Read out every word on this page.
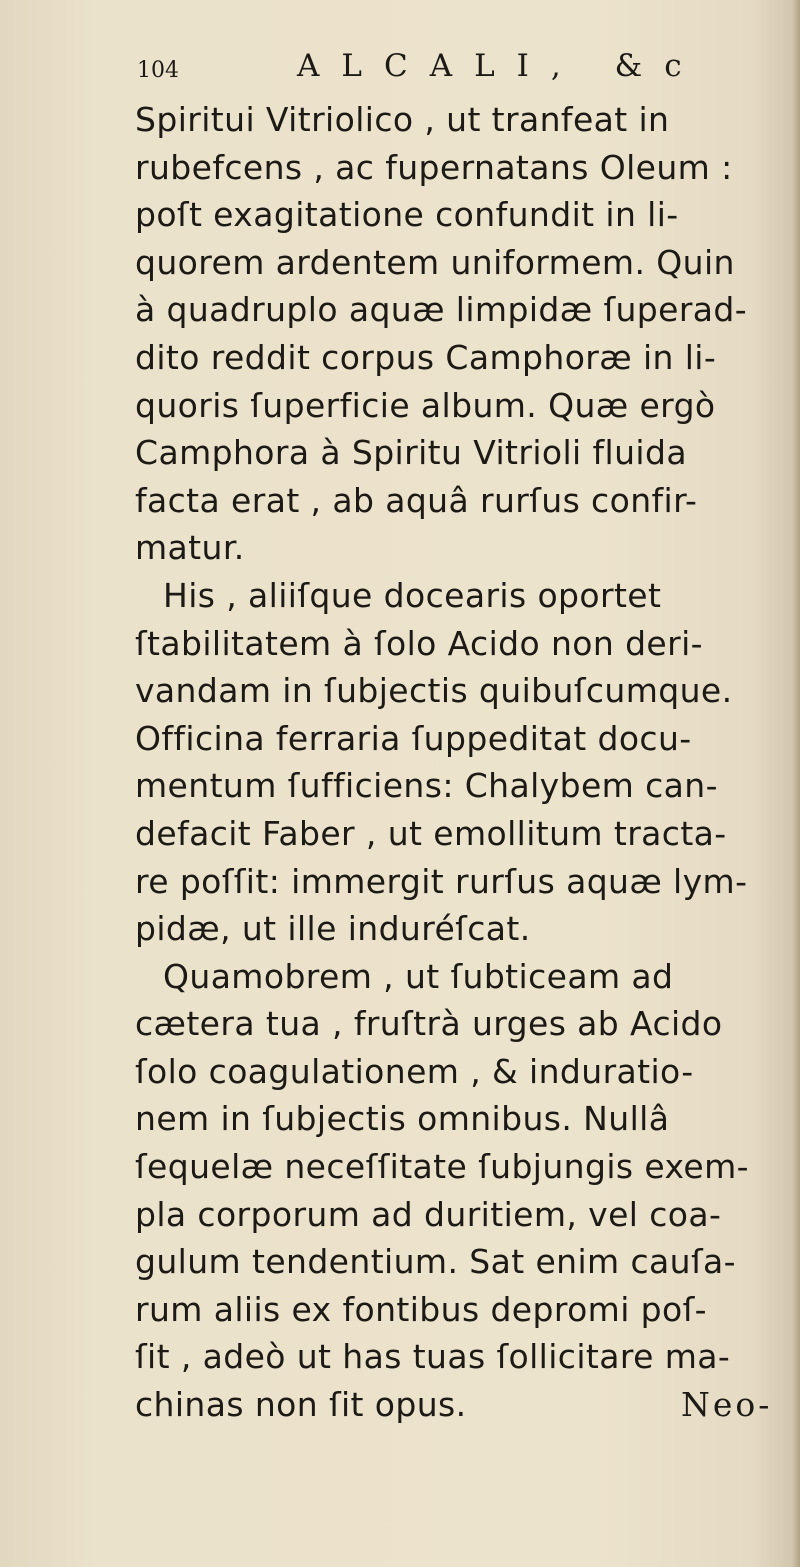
104	ALCALI, &c
Spiritui Vitriolico , ut tranfeat in
rubefcens , ac fupernatans Oleum :
poſt exagitatione confundit in li-
quorem ardentem uniformem. Quin
à quadruplo aquæ limpidæ ſuperad-
dito reddit corpus Camphoræ in li-
quoris ſuperficie album. Quæ ergò
Camphora à Spiritu Vitrioli fluida
facta erat , ab aquâ rurſus confir-
matur.
His , aliiſque docearis oportet
ſtabilitatem à ſolo Acido non deri-
vandam in ſubjectis quibuſcumque.
Officina ferraria ſuppeditat docu-
mentum ſufficiens: Chalybem can-
defacit Faber , ut emollitum tracta-
re poſſit: immergit rurſus aquæ lym-
pidæ, ut ille induréſcat.
Quamobrem , ut ſubticeam ad
cætera tua , fruſtrà urges ab Acido
ſolo coagulationem , & induratio-
nem in ſubjectis omnibus. Nullâ
ſequelæ neceſſitate ſubjungis exem-
pla corporum ad duritiem, vel coa-
gulum tendentium. Sat enim cauſa-
rum aliis ex fontibus depromi poſ-
ſit , adeò ut has tuas ſollicitare ma-
chinas non ſit opus.	Neo-
